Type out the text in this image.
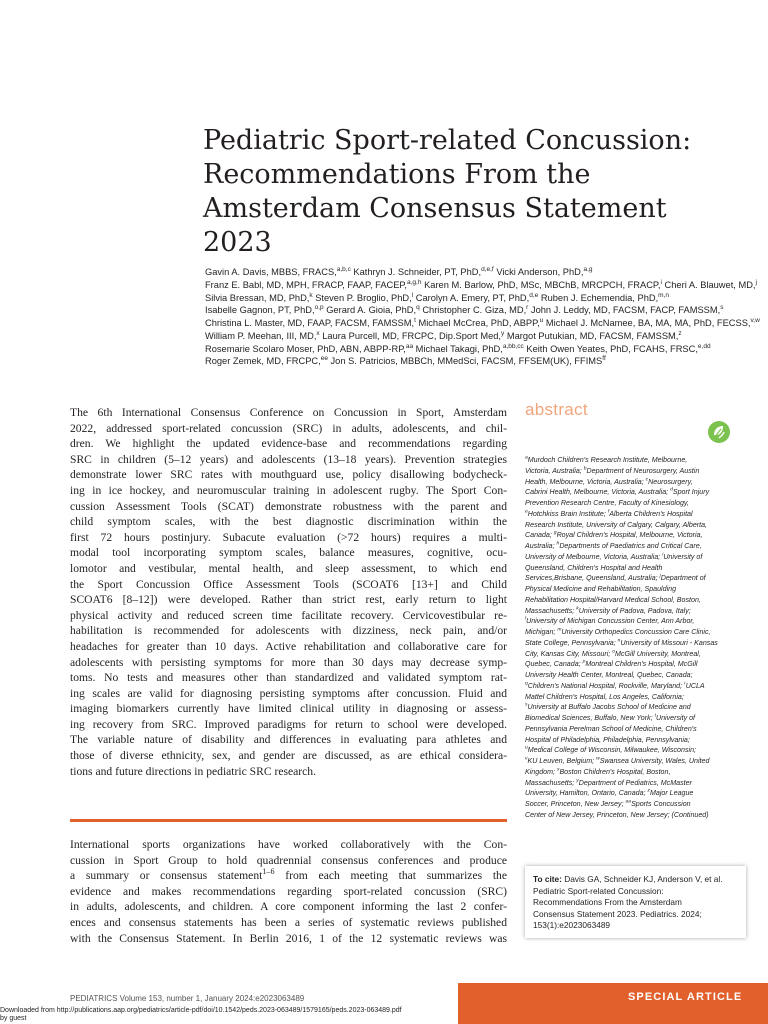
Pediatric Sport-related Concussion:
Recommendations From the
Amsterdam Consensus Statement
2023
Gavin A. Davis, MBBS, FRACS,$^{a,b,c}$ Kathryn J. Schneider, PT, PhD,$^{d,e,f}$ Vicki Anderson, PhD,$^{a,g}$
Franz E. Babl, MD, MPH, FRACP, FAAP, FACEP,$^{a,g,h}$ Karen M. Barlow, PhD, MSc, MBChB, MRCPCH, FRACP,$^i$ Cheri A. Blauwet, MD,$^j$
Silvia Bressan, MD, PhD,$^k$ Steven P. Broglio, PhD,$^l$ Carolyn A. Emery, PT, PhD,$^{d,e}$ Ruben J. Echemendia, PhD,$^{m,n}$
Isabelle Gagnon, PT, PhD,$^{o,p}$ Gerard A. Gioia, PhD,$^q$ Christopher C. Giza, MD,$^r$ John J. Leddy, MD, FACSM, FACP, FAMSSM,$^s$
Christina L. Master, MD, FAAP, FACSM, FAMSSM,$^t$ Michael McCrea, PhD, ABPP,$^u$ Michael J. McNamee, BA, MA, MA, PhD, FECSS,$^{v,w}$
William P. Meehan, III, MD,$^x$ Laura Purcell, MD, FRCPC, Dip.Sport Med,$^y$ Margot Putukian, MD, FACSM, FAMSSM,$^z$
Rosemarie Scolaro Moser, PhD, ABN, ABPP-RP,$^{aa}$ Michael Takagi, PhD,$^{a,bb,cc}$ Keith Owen Yeates, PhD, FCAHS, FRSC,$^{e,dd}$
Roger Zemek, MD, FRCPC,$^{ee}$ Jon S. Patricios, MBBCh, MMedSci, FACSM, FFSEM(UK), $FFIMS^{ff}$
The 6th International Consensus Conference on Concussion in Sport, Amsterdam
2022, addressed sport-related concussion (SRC) in adults, adolescents, and chil-
dren. We highlight the updated evidence-base and recommendations regarding
SRC in children (5–12 years) and adolescents (13–18 years). Prevention strategies
demonstrate lower SRC rates with mouthguard use, policy disallowing bodycheck-
ing in ice hockey, and neuromuscular training in adolescent rugby. The Sport Con-
cussion Assessment Tools (SCAT) demonstrate robustness with the parent and
child symptom scales, with the best diagnostic discrimination within the
first 72 hours postinjury. Subacute evaluation (>72 hours) requires a multi-
modal tool incorporating symptom scales, balance measures, cognitive, ocu-
lomotor and vestibular, mental health, and sleep assessment, to which end
the Sport Concussion Office Assessment Tools (SCOAT6 [13+] and Child
SCOAT6 [8–12]) were developed. Rather than strict rest, early return to light
physical activity and reduced screen time facilitate recovery. Cervicovestibular re-
habilitation is recommended for adolescents with dizziness, neck pain, and/or
headaches for greater than 10 days. Active rehabilitation and collaborative care for
adolescents with persisting symptoms for more than 30 days may decrease symp-
toms. No tests and measures other than standardized and validated symptom rat-
ing scales are valid for diagnosing persisting symptoms after concussion. Fluid and
imaging biomarkers currently have limited clinical utility in diagnosing or assess-
ing recovery from SRC. Improved paradigms for return to school were developed.
The variable nature of disability and differences in evaluating para athletes and
those of diverse ethnicity, sex, and gender are discussed, as are ethical considera-
tions and future directions in pediatric SRC research.
International sports organizations have worked collaboratively with the Con-
cussion in Sport Group to hold quadrennial consensus conferences and produce
a summary or consensus statement$^{1-6}$ from each meeting that summarizes the
evidence and makes recommendations regarding sport-related concussion (SRC)
in adults, adolescents, and children. A core component informing the last 2 confer-
ences and consensus statements has been a series of systematic reviews published
with the Consensus Statement. In Berlin 2016, 1 of the 12 systematic reviews was
abstract
$^a$Murdoch Children's Research Institute, Melbourne,
Victoria, Australia; $^b$Department of Neurosurgery, Austin
Health, Melbourne, Victoria, Australia; $^c$Neurosurgery,
Cabrini Health, Melbourne, Victoria, Australia; $^d$Sport Injury
Prevention Research Centre, Faculty of Kinesiology,
$^e$Hotchkiss Brain Institute; $^f$Alberta Children's Hospital
Research Institute, University of Calgary, Calgary, Alberta,
Canada; $^g$Royal Children's Hospital, Melbourne, Victoria,
Australia; $^h$Departments of Paediatrics and Critical Care,
University of Melbourne, Victoria, Australia; $^i$University of
Queensland, Children's Hospital and Health
Services,Brisbane, Queensland, Australia; $^j$Department of
Physical Medicine and Rehabilitation, Spaulding
Rehabilitation Hospital/Harvard Medical School, Boston,
Massachusetts; $^k$University of Padova, Padova, Italy;
$^l$University of Michigan Concussion Center, Ann Arbor,
Michigan; $^m$University Orthopedics Concussion Care Clinic,
State College, Pennsylvania; $^n$University of Missouri - Kansas
City, Kansas City, Missouri; $^o$McGill University, Montreal,
Quebec, Canada; $^p$Montreal Children's Hospital, McGill
University Health Center, Montreal, Quebec, Canada;
$^q$Children's National Hospital, Rockville, Maryland; $^r$UCLA
Mattel Children's Hospital, Los Angeles, California;
$^s$University at Buffalo Jacobs School of Medicine and
Biomedical Sciences, Buffalo, New York; $^t$University of
Pennsylvania Perelman School of Medicine, Children's
Hospital of Philadelphia, Philadelphia, Pennsylvania;
$^u$Medical College of Wisconsin, Milwaukee, Wisconsin;
$^v$KU Leuven, Belgium; $^w$Swansea University, Wales, United
Kingdom; $^x$Boston Children's Hospital, Boston,
Massachusetts; $^y$Department of Pediatrics, McMaster
University, Hamilton, Ontario, Canada; $^z$Major League
Soccer, Princeton, New Jersey; $^{aa}$Sports Concussion
Center of New Jersey, Princeton, New Jersey; (Continued)
To cite: Davis GA, Schneider KJ, Anderson V, et al.
Pediatric Sport-related Concussion:
Recommendations From the Amsterdam
Consensus Statement 2023. Pediatrics. 2024;
153(1):e2023063489
PEDIATRICS Volume 153, number 1, January 2024:e2023063489	SPECIAL ARTICLE
Downloaded from http://publications.aap.org/pediatrics/article-pdf/doi/10.1542/peds.2023-063489/1579165/peds.2023-063489.pdf
by guest
